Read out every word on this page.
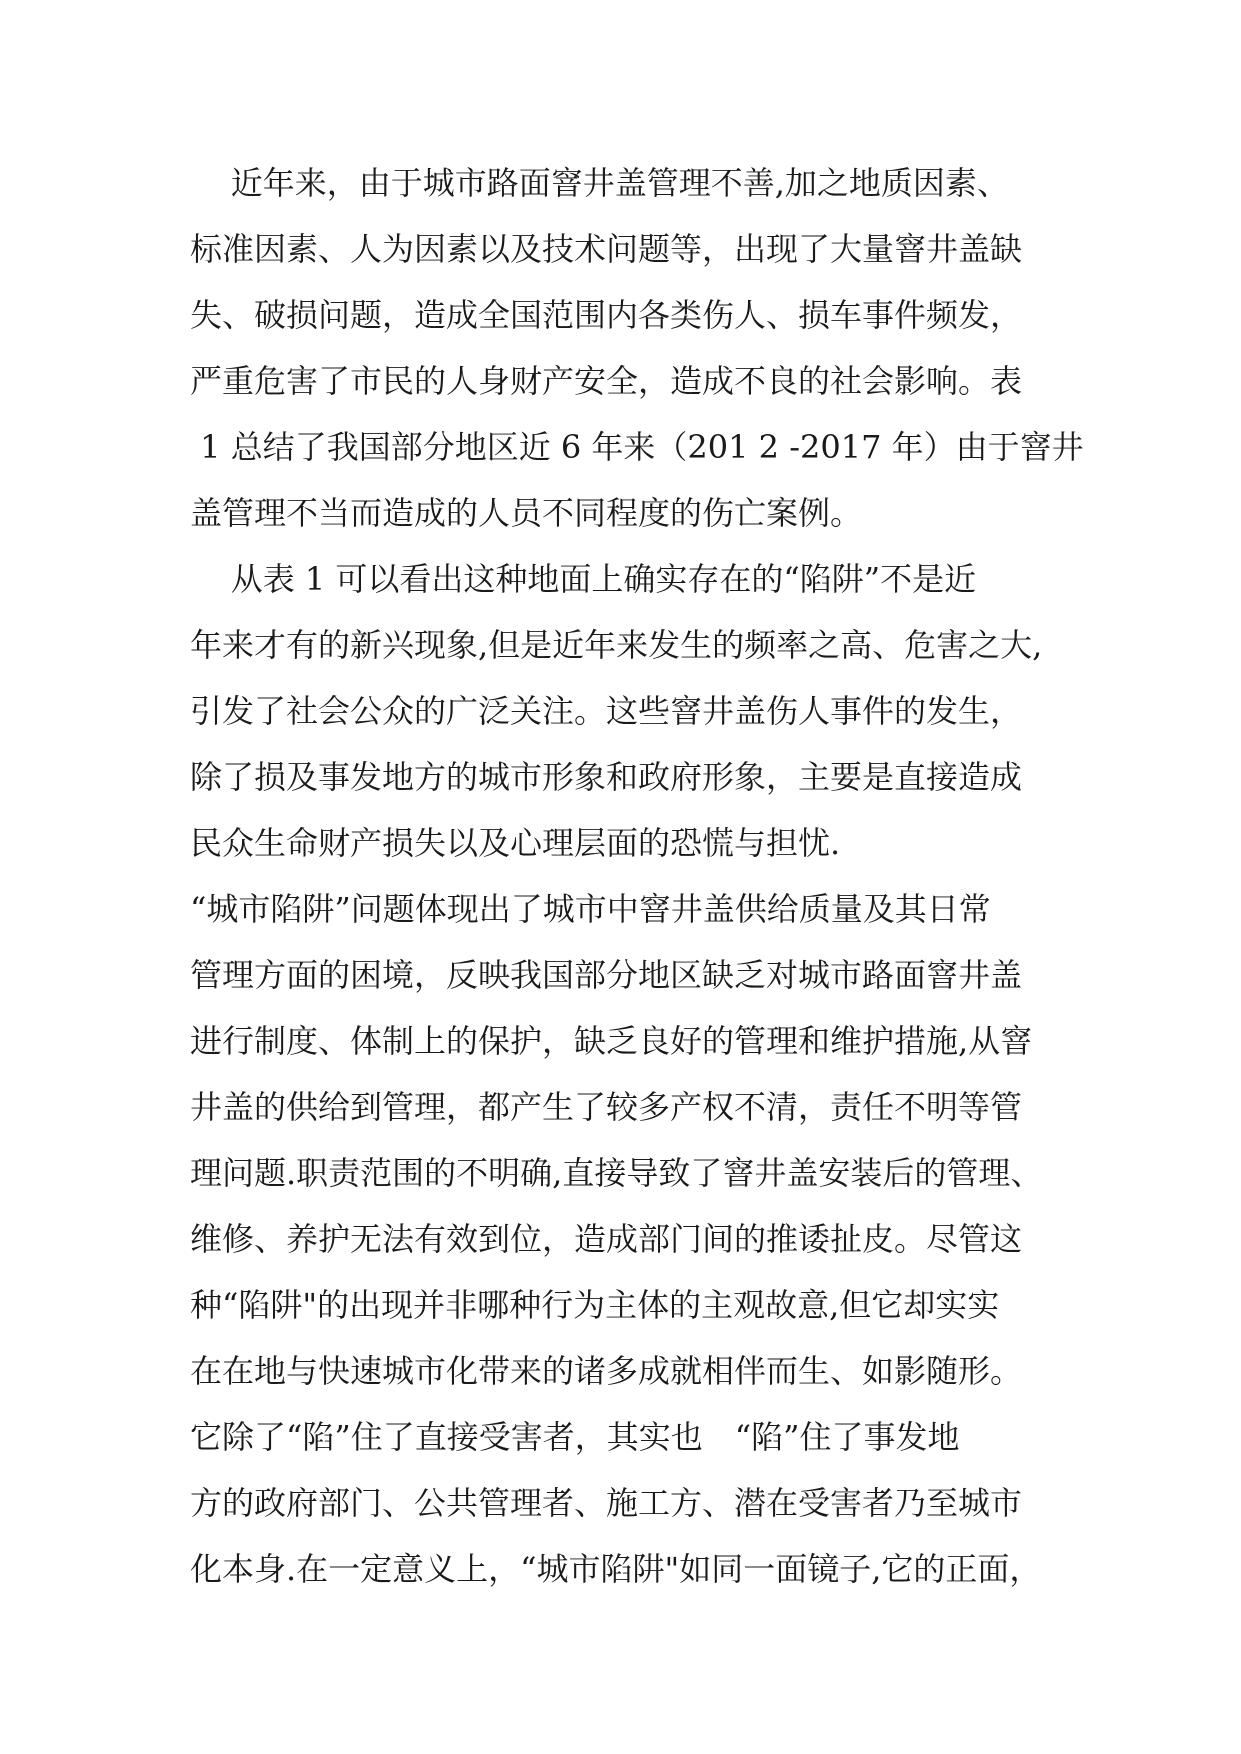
近年来，由于城市路面窨井盖管理不善,加之地质因素、
标准因素、人为因素以及技术问题等，出现了大量窨井盖缺
失、破损问题，造成全国范围内各类伤人、损车事件频发，
严重危害了市民的人身财产安全，造成不良的社会影响。表
1 总结了我国部分地区近 6 年来（201 2 -2017 年）由于窨井
盖管理不当而造成的人员不同程度的伤亡案例。
从表 1 可以看出这种地面上确实存在的“陷阱”不是近
年来才有的新兴现象,但是近年来发生的频率之高、危害之大,
引发了社会公众的广泛关注。这些窨井盖伤人事件的发生，
除了损及事发地方的城市形象和政府形象，主要是直接造成
民众生命财产损失以及心理层面的恐慌与担忧.
“城市陷阱”问题体现出了城市中窨井盖供给质量及其日常
管理方面的困境，反映我国部分地区缺乏对城市路面窨井盖
进行制度、体制上的保护，缺乏良好的管理和维护措施,从窨
井盖的供给到管理，都产生了较多产权不清，责任不明等管
理问题.职责范围的不明确,直接导致了窨井盖安装后的管理、
维修、养护无法有效到位，造成部门间的推诿扯皮。尽管这
种“陷阱"的出现并非哪种行为主体的主观故意,但它却实实
在在地与快速城市化带来的诸多成就相伴而生、如影随形。
它除了“陷”住了直接受害者，其实也　“陷”住了事发地
方的政府部门、公共管理者、施工方、潜在受害者乃至城市
化本身.在一定意义上，“城市陷阱"如同一面镜子,它的正面，
